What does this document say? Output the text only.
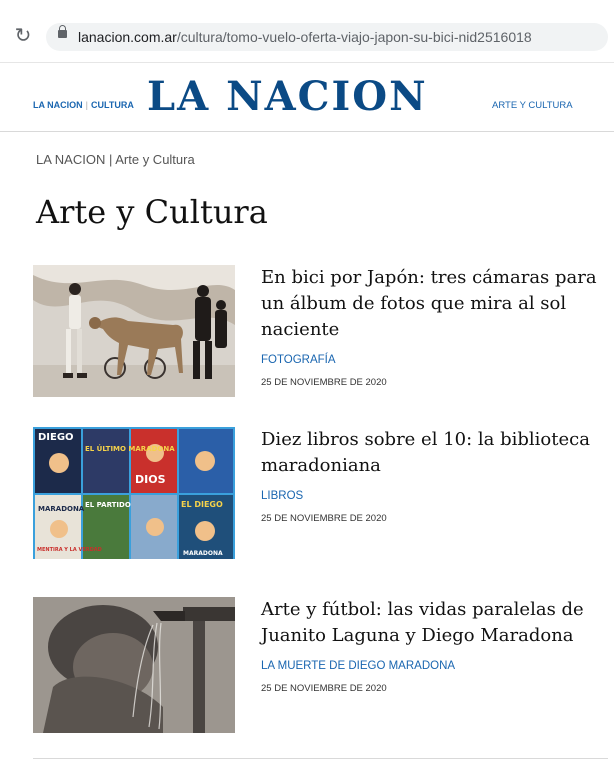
↻	lanacion.com.ar/cultura/tomo-vuelo-oferta-viajo-japon-su-bici-nid2516018
LA NACION | CULTURA LA NACION	ARTE Y CULTURA
LA NACION | Arte y Cultura
Arte y Cultura
En bici por Japón: tres cámaras para un álbum de fotos que mira al sol naciente
FOTOGRAFÍA
25 DE NOVIEMBRE DE 2020
DIEGO
EL ÚLTIMO MARADONA
DIOS
MARADONA EL PARTIDO	EL DIEGO
MENTIRA Y LA VERDAD	MARADONA
Diez libros sobre el 10: la biblioteca maradoniana
LIBROS
25 DE NOVIEMBRE DE 2020
Arte y fútbol: las vidas paralelas de Juanito Laguna y Diego Maradona
LA MUERTE DE DIEGO MARADONA
25 DE NOVIEMBRE DE 2020
